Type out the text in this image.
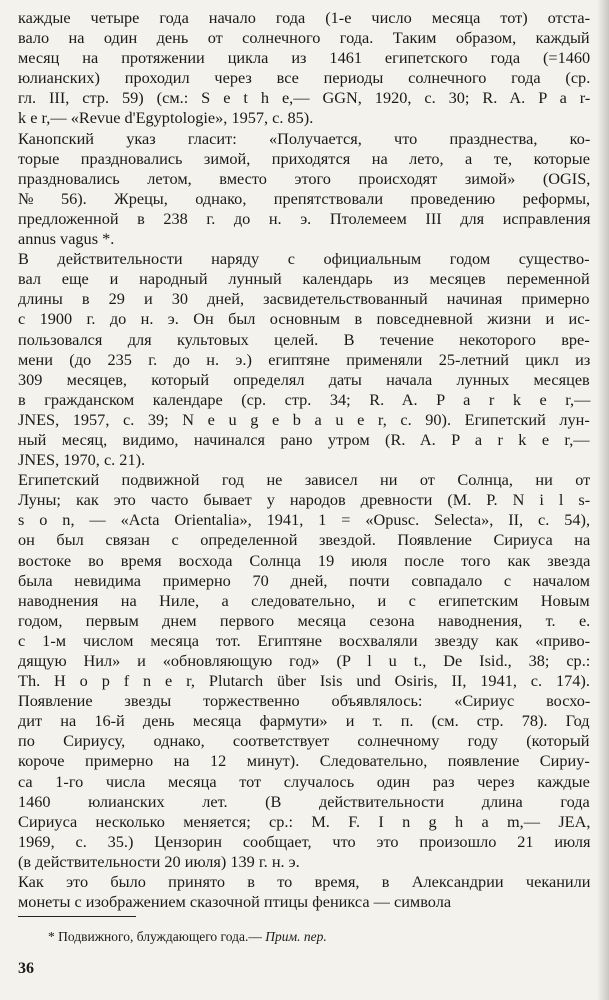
каждые четыре года начало года (1-е число месяца тот) отста-
вало на один день от солнечного года. Таким образом, каждый
месяц на протяжении цикла из 1461 египетского года (=1460
юлианских) проходил через все периоды солнечного года (ср.
гл. III, стр. 59) (см.: S e t h e,— GGN, 1920, с. 30; R. A. P a r-
k e r,— «Revue d'Egyptologie», 1957, с. 85).

Канопский указ гласит: «Получается, что празднества, ко-
торые праздновались зимой, приходятся на лето, а те, которые
праздновались летом, вместо этого происходят зимой» (OGIS,
№ 56). Жрецы, однако, препятствовали проведению реформы,
предложенной в 238 г. до н. э. Птолемеем III для исправления
annus vagus *.

В действительности наряду с официальным годом существо-
вал еще и народный лунный календарь из месяцев переменной
длины в 29 и 30 дней, засвидетельствованный начиная примерно
с 1900 г. до н. э. Он был основным в повседневной жизни и ис-
пользовался для культовых целей. В течение некоторого вре-
мени (до 235 г. до н. э.) египтяне применяли 25-летний цикл из
309 месяцев, который определял даты начала лунных месяцев
в гражданском календаре (ср. стр. 34; R. A. P a r k e r,—
JNES, 1957, с. 39; N e u g e b a u e r, с. 90). Египетский лун-
ный месяц, видимо, начинался рано утром (R. A. P a r k e r,—
JNES, 1970, с. 21).

Египетский подвижной год не зависел ни от Солнца, ни от
Луны; как это часто бывает у народов древности (M. P. N i l s-
s o n, — «Acta Orientalia», 1941, 1 = «Opusc. Selecta», II, с. 54),
он был связан с определенной звездой. Появление Сириуса на
востоке во время восхода Солнца 19 июля после того как звезда
была невидима примерно 70 дней, почти совпадало с началом
наводнения на Ниле, а следовательно, и с египетским Новым
годом, первым днем первого месяца сезона наводнения, т. е.
с 1-м числом месяца тот. Египтяне восхваляли звезду как «приво-
дящую Нил» и «обновляющую год» (P l u t., De Isid., 38; ср.:
Th. H o p f n e r, Plutarch über Isis und Osiris, II, 1941, с. 174).
Появление звезды торжественно объявлялось: «Сириус восхо-
дит на 16-й день месяца фармути» и т. п. (см. стр. 78). Год
по Сириусу, однако, соответствует солнечному году (который
короче примерно на 12 минут). Следовательно, появление Сириу-
са 1-го числа месяца тот случалось один раз через каждые
1460 юлианских лет. (В действительности длина года
Сириуса несколько меняется; ср.: M. F. I n g h a m,— JEA,
1969, с. 35.) Цензорин сообщает, что это произошло 21 июля
(в действительности 20 июля) 139 г. н. э.

Как это было принято в то время, в Александрии чеканили
монеты с изображением сказочной птицы феникса — символа

* Подвижного, блуждающего года.— Прим. пер.
36
